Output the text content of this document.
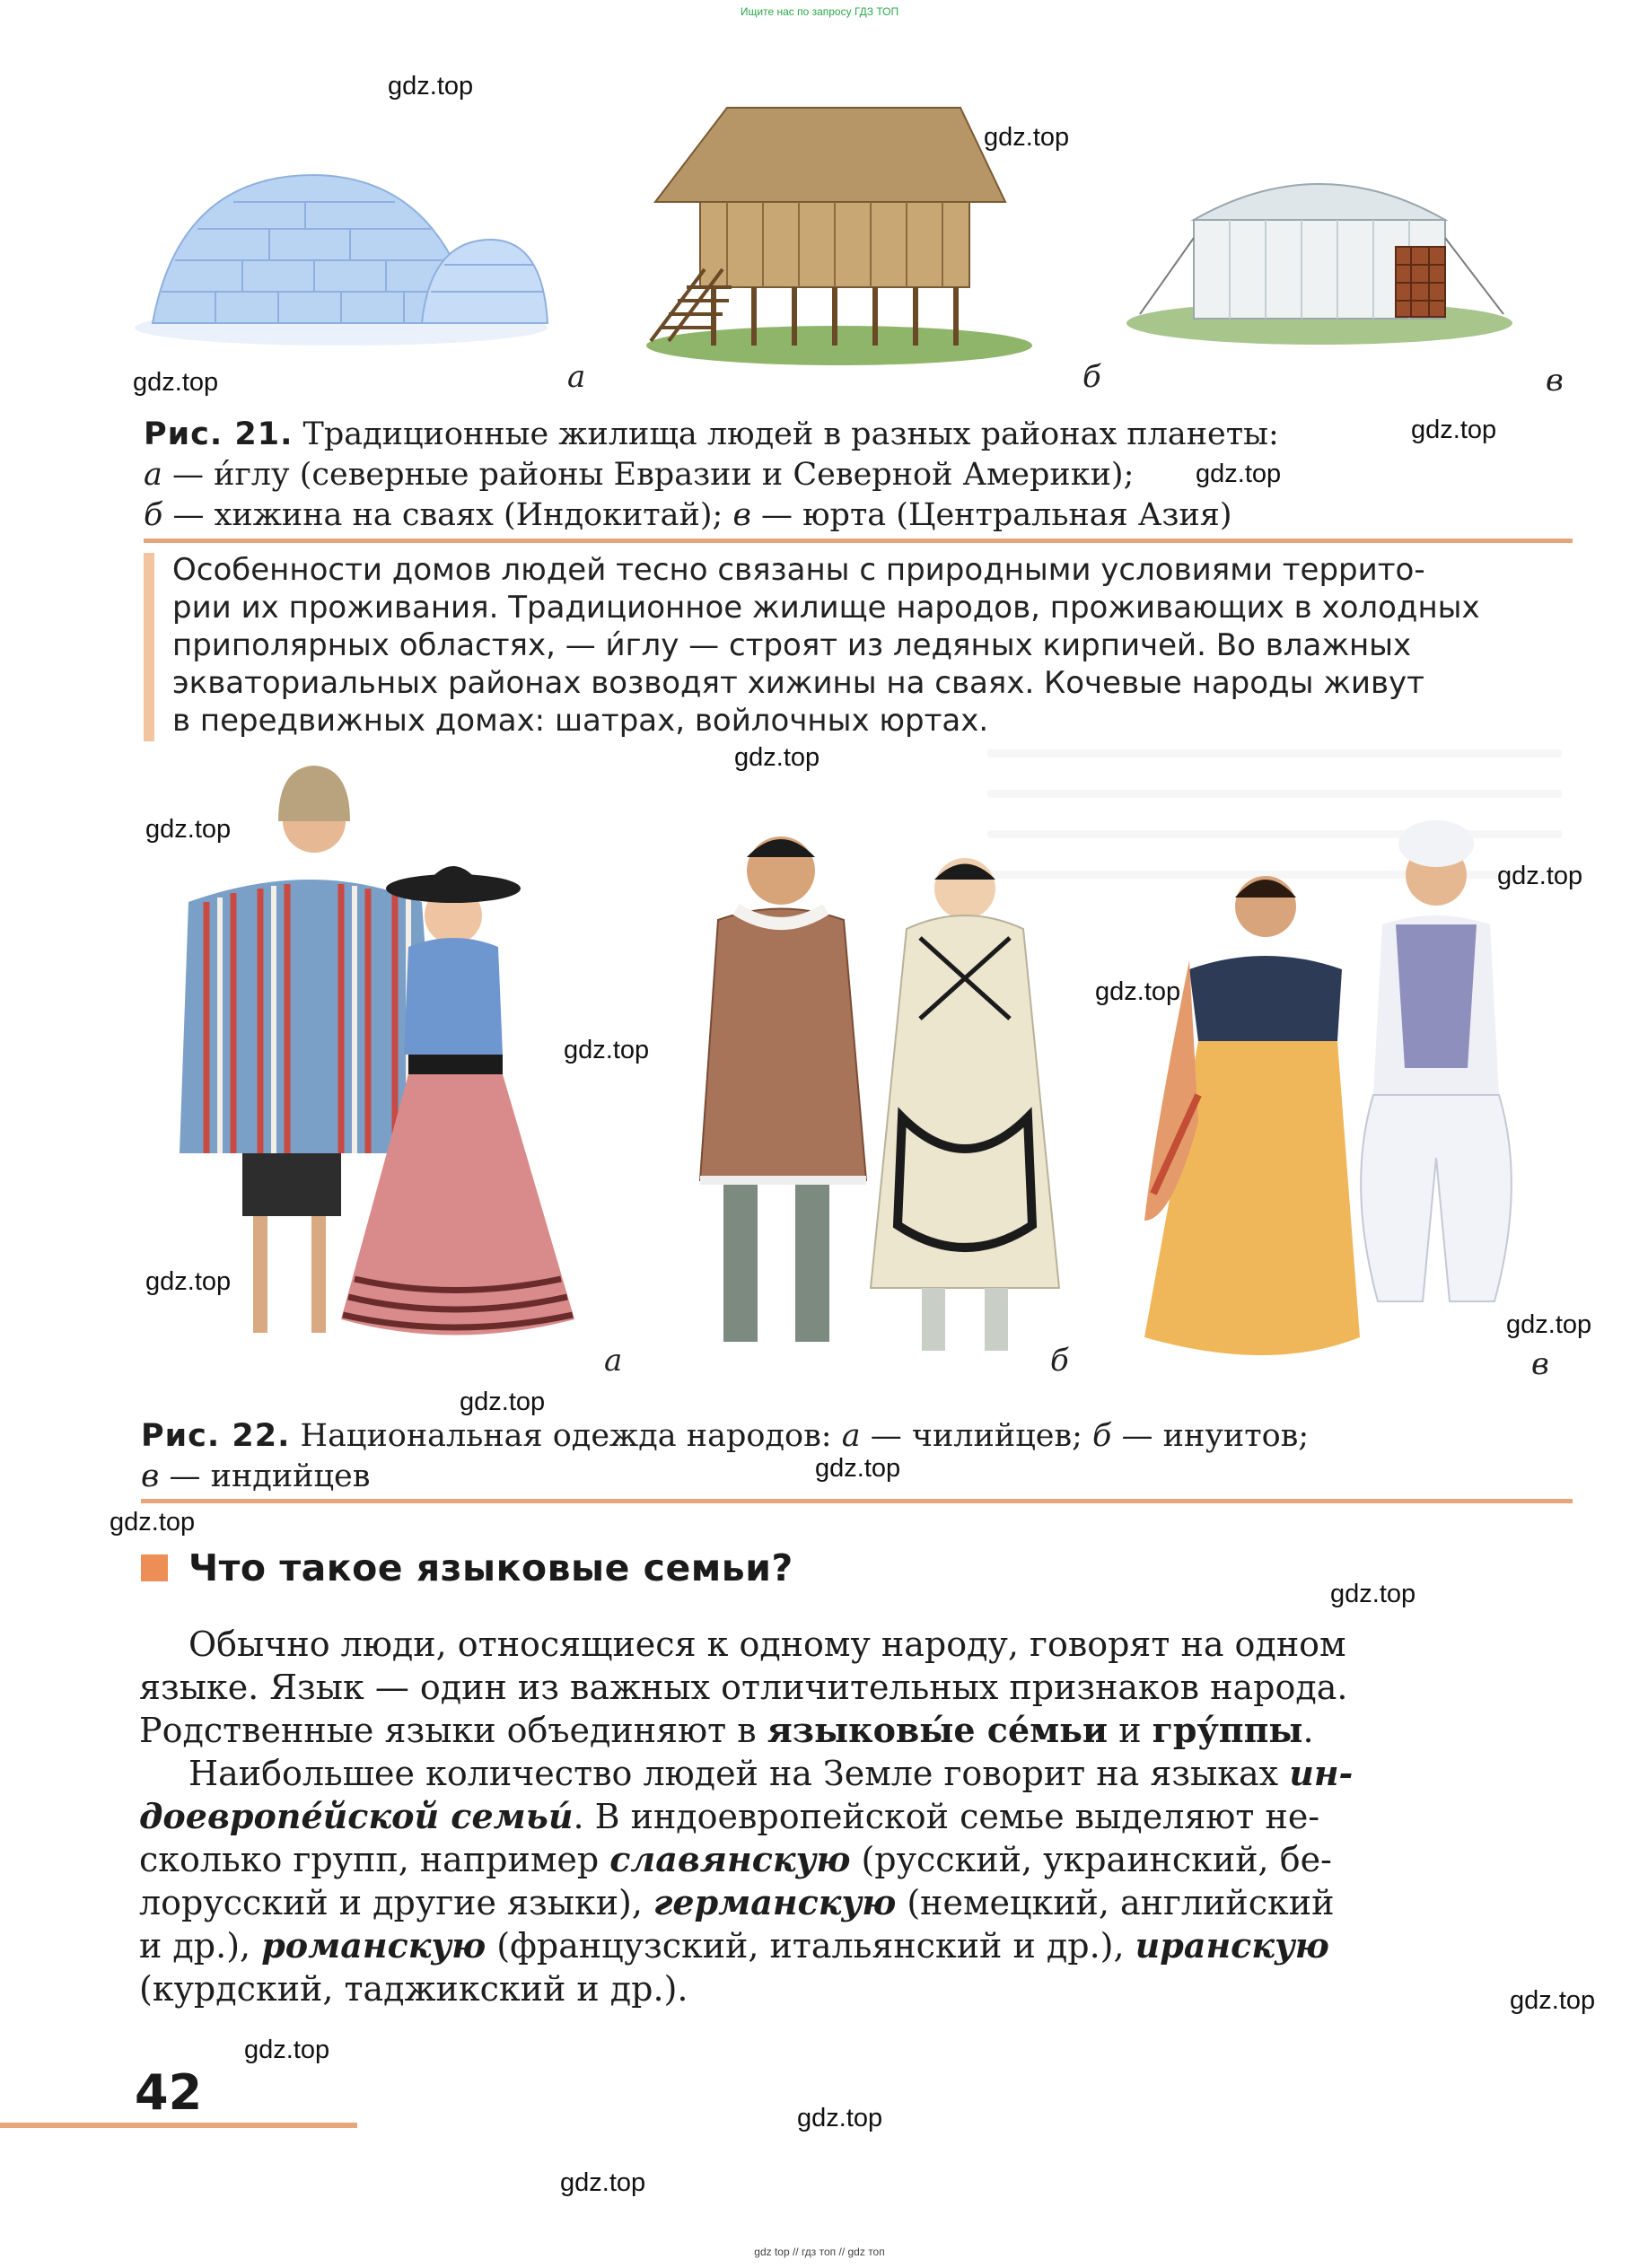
Ищите нас по запросу ГДЗ ТОП
gdz top // гдз топ // gdz топ
а	б	в
Рис. 21. Традиционные жилища людей в разных районах планеты:
а — и́глу (северные районы Евразии и Северной Америки);
б — хижина на сваях (Индокитай); в — юрта (Центральная Азия)
Особенности домов людей тесно связаны с природными условиями террито-
рии их проживания. Традиционное жилище народов, проживающих в холодных
приполярных областях, — и́глу — строят из ледяных кирпичей. Во влажных
экваториальных районах возводят хижины на сваях. Кочевые народы живут
в передвижных домах: шатрах, войлочных юртах.
а	б	в
Рис. 22. Национальная одежда народов: а — чилийцев; б — инуитов;
в — индийцев
Что такое языковые семьи?
Обычно люди, относящиеся к одному народу, говорят на одном
языке. Язык — один из важных отличительных признаков народа.
Родственные языки объединяют в языковы́е се́мьи и гру́ппы.
Наибольшее количество людей на Земле говорит на языках ин-
доевропе́йской семьи́. В индоевропейской семье выделяют не-
сколько групп, например славянскую (русский, украинский, бе-
лорусский и другие языки), германскую (немецкий, английский
и др.), романскую (французский, итальянский и др.), иранскую
(курдский, таджикский и др.).
42
gdz.top
gdz.top
gdz.top
gdz.top
gdz.top
gdz.top
gdz.top
gdz.top
gdz.top
gdz.top
gdz.top
gdz.top
gdz.top
gdz.top
gdz.top
gdz.top
gdz.top
gdz.top
gdz.top
gdz.top
